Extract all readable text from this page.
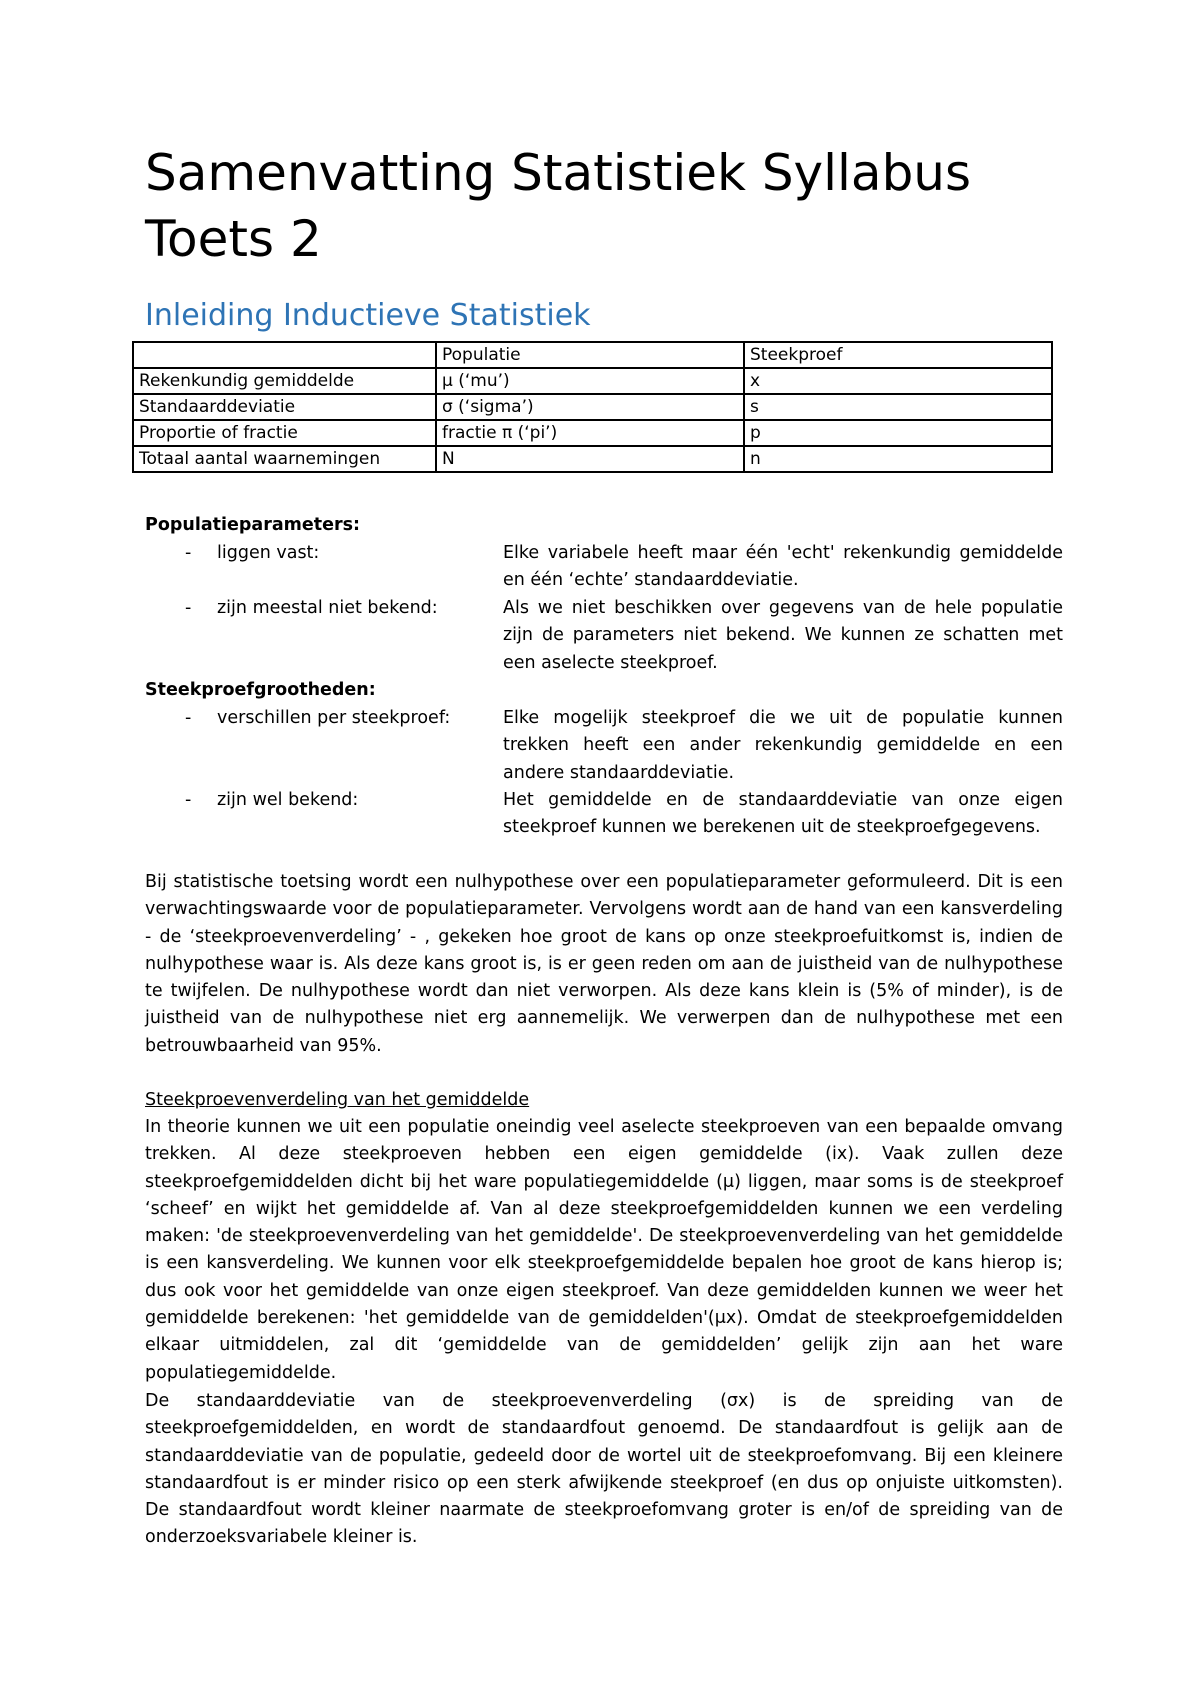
Samenvatting Statistiek Syllabus Toets 2
Inleiding Inductieve Statistiek
	Populatie	Steekproef
Rekenkundig gemiddelde	μ (‘mu’)	x
Standaarddeviatie	σ (‘sigma’)	s
Proportie of fractie	fractie π (‘pi’)	p
Totaal aantal waarnemingen	N	n
Populatieparameters:
- liggen vast:	Elke variabele heeft maar één 'echt' rekenkundig gemiddelde en één ‘echte’ standaarddeviatie.
- zijn meestal niet bekend:	Als we niet beschikken over gegevens van de hele populatie zijn de parameters niet bekend. We kunnen ze schatten met een aselecte steekproef.
Steekproefgrootheden:
- verschillen per steekproef:	Elke mogelijk steekproef die we uit de populatie kunnen trekken heeft een ander rekenkundig gemiddelde en een andere standaarddeviatie.
- zijn wel bekend:	Het gemiddelde en de standaarddeviatie van onze eigen steekproef kunnen we berekenen uit de steekproefgegevens.

Bij statistische toetsing wordt een nulhypothese over een populatieparameter geformuleerd. Dit is een verwachtingswaarde voor de populatieparameter. Vervolgens wordt aan de hand van een kansverdeling - de ‘steekproevenverdeling’ - , gekeken hoe groot de kans op onze steekproefuitkomst is, indien de nulhypothese waar is. Als deze kans groot is, is er geen reden om aan de juistheid van de nulhypothese te twijfelen. De nulhypothese wordt dan niet verworpen. Als deze kans klein is (5% of minder), is de juistheid van de nulhypothese niet erg aannemelijk. We verwerpen dan de nulhypothese met een betrouwbaarheid van 95%.

Steekproevenverdeling van het gemiddelde

In theorie kunnen we uit een populatie oneindig veel aselecte steekproeven van een bepaalde omvang trekken. Al deze steekproeven hebben een eigen gemiddelde (ix). Vaak zullen deze steekproefgemiddelden dicht bij het ware populatiegemiddelde (μ) liggen, maar soms is de steekproef ‘scheef’ en wijkt het gemiddelde af. Van al deze steekproefgemiddelden kunnen we een verdeling maken: 'de steekproevenverdeling van het gemiddelde'. De steekproevenverdeling van het gemiddelde is een kansverdeling. We kunnen voor elk steekproefgemiddelde bepalen hoe groot de kans hierop is; dus ook voor het gemiddelde van onze eigen steekproef. Van deze gemiddelden kunnen we weer het gemiddelde berekenen: 'het gemiddelde van de gemiddelden'(μx). Omdat de steekproefgemiddelden elkaar uitmiddelen, zal dit ‘gemiddelde van de gemiddelden’ gelijk zijn aan het ware populatiegemiddelde.

De standaarddeviatie van de steekproevenverdeling (σx) is de spreiding van de steekproefgemiddelden, en wordt de standaardfout genoemd. De standaardfout is gelijk aan de standaarddeviatie van de populatie, gedeeld door de wortel uit de steekproefomvang. Bij een kleinere standaardfout is er minder risico op een sterk afwijkende steekproef (en dus op onjuiste uitkomsten). De standaardfout wordt kleiner naarmate de steekproefomvang groter is en/of de spreiding van de onderzoeksvariabele kleiner is.
